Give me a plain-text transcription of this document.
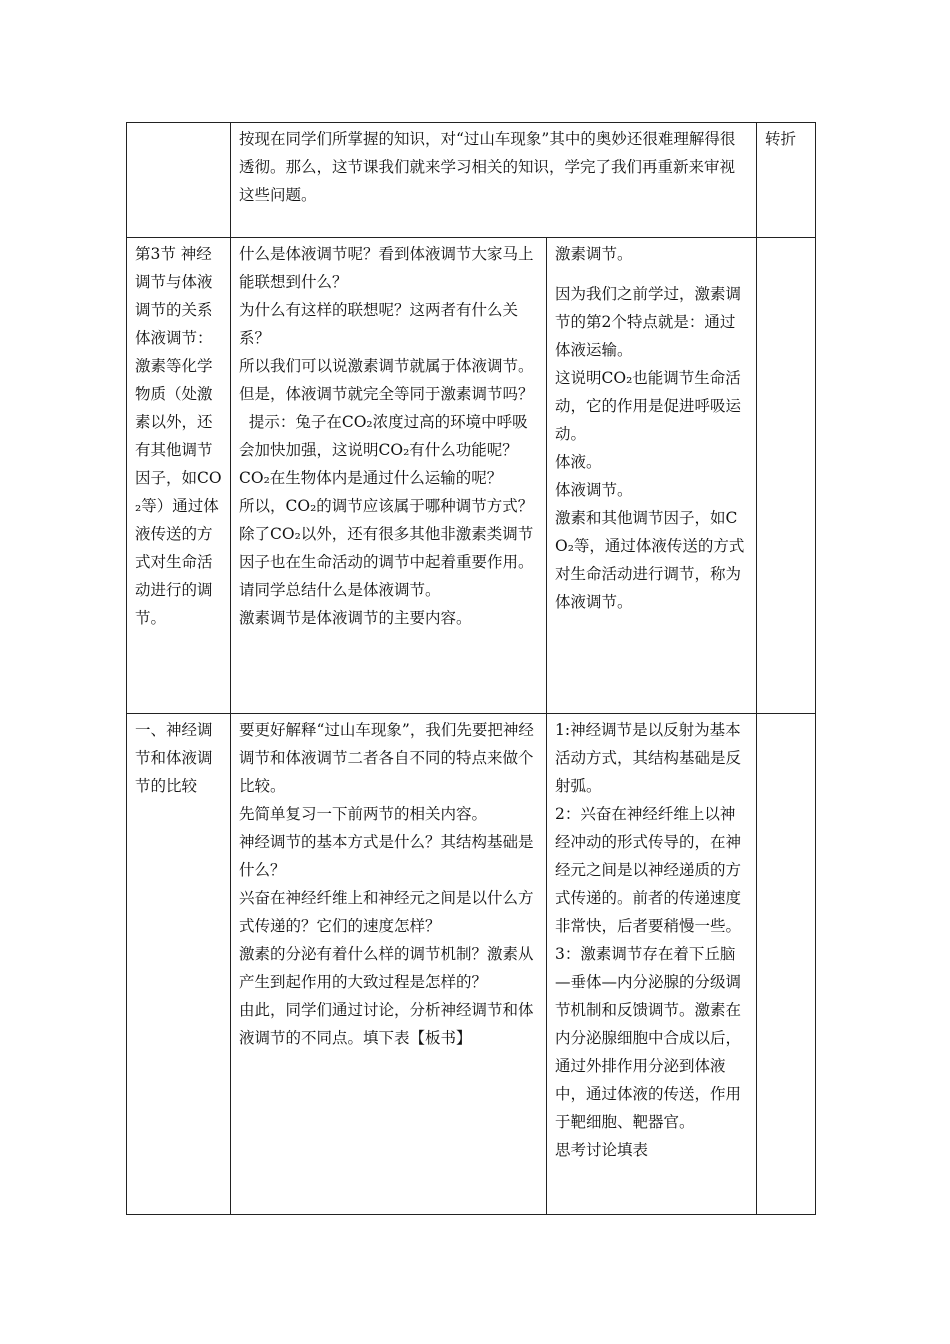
按现在同学们所掌握的知识，对“过山车现象”其中的奥妙还很难理解得很透彻。那么，这节课我们就来学习相关的知识，学完了我们再重新来审视这些问题。

转折

第3节 神经调节与体液调节的关系
体液调节：激素等化学物质（处激素以外，还有其他调节因子，如CO₂等）通过体液传送的方式对生命活动进行的调节。

什么是体液调节呢？看到体液调节大家马上能联想到什么？

为什么有这样的联想呢？这两者有什么关系？

所以我们可以说激素调节就属于体液调节。但是，体液调节就完全等同于激素调节吗？

提示：兔子在CO₂浓度过高的环境中呼吸会加快加强，这说明CO₂有什么功能呢？

CO₂在生物体内是通过什么运输的呢？

所以，CO₂的调节应该属于哪种调节方式？

除了CO₂以外，还有很多其他非激素类调节因子也在生命活动的调节中起着重要作用。请同学总结什么是体液调节。

激素调节是体液调节的主要内容。

激素调节。

因为我们之前学过，激素调节的第2个特点就是：通过体液运输。

这说明CO₂也能调节生命活动，它的作用是促进呼吸运动。

体液。

体液调节。

激素和其他调节因子，如CO₂等，通过体液传送的方式对生命活动进行调节，称为体液调节。

一、神经调节和体液调节的比较

要更好解释“过山车现象”，我们先要把神经调节和体液调节二者各自不同的特点来做个比较。

先简单复习一下前两节的相关内容。

神经调节的基本方式是什么？其结构基础是什么？

兴奋在神经纤维上和神经元之间是以什么方式传递的？它们的速度怎样？

激素的分泌有着什么样的调节机制？激素从产生到起作用的大致过程是怎样的？

由此，同学们通过讨论，分析神经调节和体液调节的不同点。填下表【板书】

1:神经调节是以反射为基本活动方式，其结构基础是反射弧。

2：兴奋在神经纤维上以神经冲动的形式传导的，在神经元之间是以神经递质的方式传递的。前者的传递速度非常快，后者要稍慢一些。

3：激素调节存在着下丘脑—垂体—内分泌腺的分级调节机制和反馈调节。激素在内分泌腺细胞中合成以后，通过外排作用分泌到体液中，通过体液的传送，作用于靶细胞、靶器官。

思考讨论填表
